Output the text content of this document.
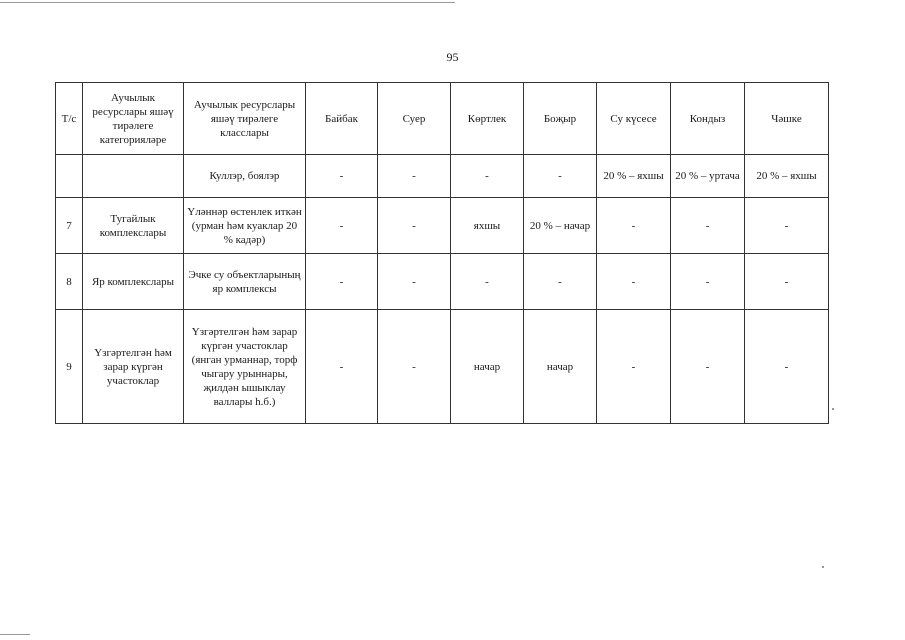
95
Т/с	Аучылык ресурслары яшәү тирәлеге категорияләре	Аучылык ресурслары яшәү тирәлеге класслары	Байбак	Суер	Көртлек	Боҗыр	Су күсесе	Кондыз	Чәшке
		Куллэр, боялэр	-	-	-	-	20 % – яхшы	20 % – уртача	20 % – яхшы
7	Тугайлык комплекслары	Үләннәр өстенлек иткән (урман һәм куаклар 20 % кадәр)	-	-	яхшы	20 % – начар	-	-	-
8	Яр комплекслары	Эчке су объектларының яр комплексы	-	-	-	-	-	-	-
9	Үзгәртелгән һәм зарар күргән участоклар	Үзгәртелгән һәм зарар күргән участоклар (янган урманнар, торф чыгару урыннары, җилдән ышыклау валлары һ.б.)	-	-	начар	начар	-	-	-
